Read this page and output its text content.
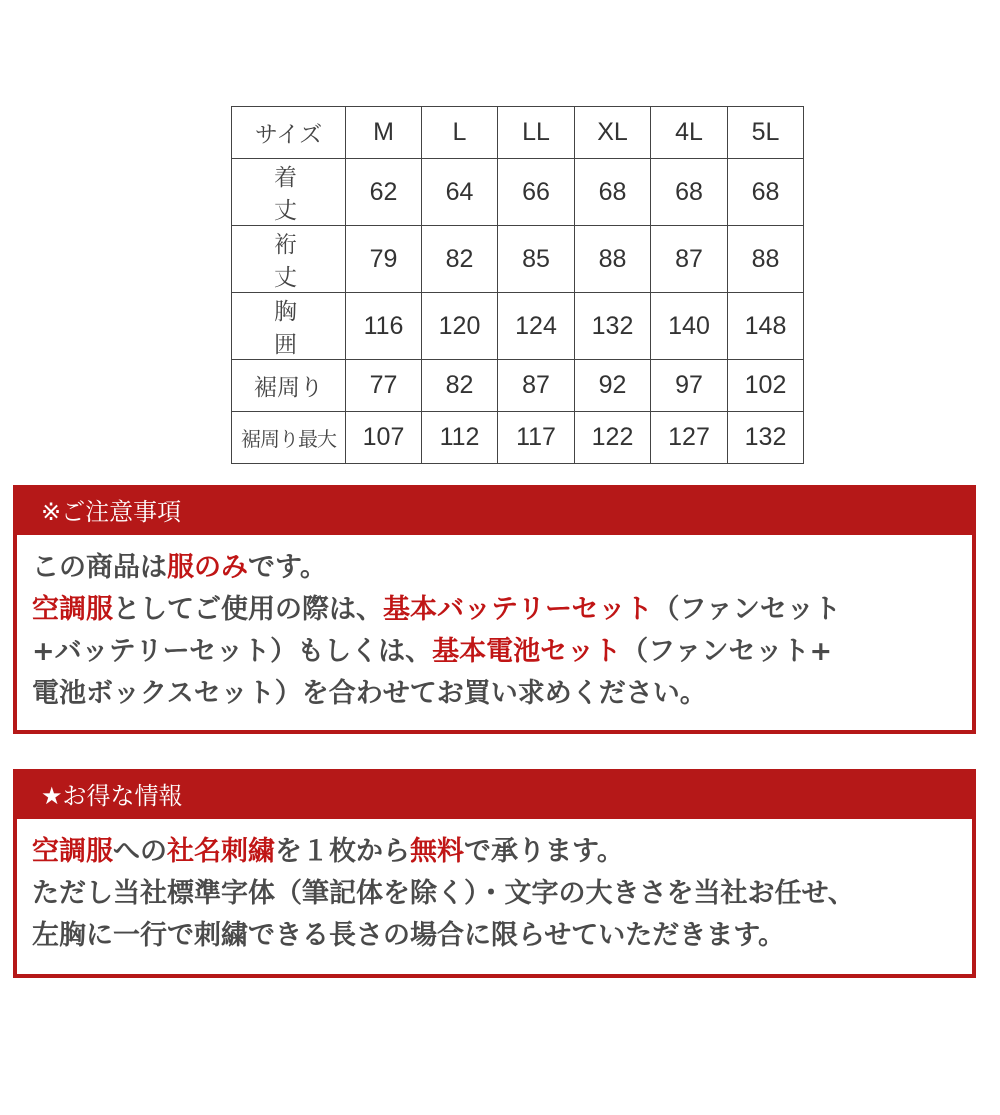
サイズ	M	L	LL	XL	4L	5L
着丈	62	64	66	68	68	68
裄丈	79	82	85	88	87	88
胸囲	116	120	124	132	140	148
裾周り	77	82	87	92	97	102
裾周り最大	107	112	117	122	127	132
※ご注意事項
この商品は服のみです。
空調服としてご使用の際は、基本バッテリーセット（ファンセット
+バッテリーセット）もしくは、基本電池セット（ファンセット+
電池ボックスセット）を合わせてお買い求めください。
★お得な情報
空調服への社名刺繍を１枚から無料で承ります。
ただし当社標準字体（筆記体を除く）・文字の大きさを当社お任せ、
左胸に一行で刺繍できる長さの場合に限らせていただきます。
